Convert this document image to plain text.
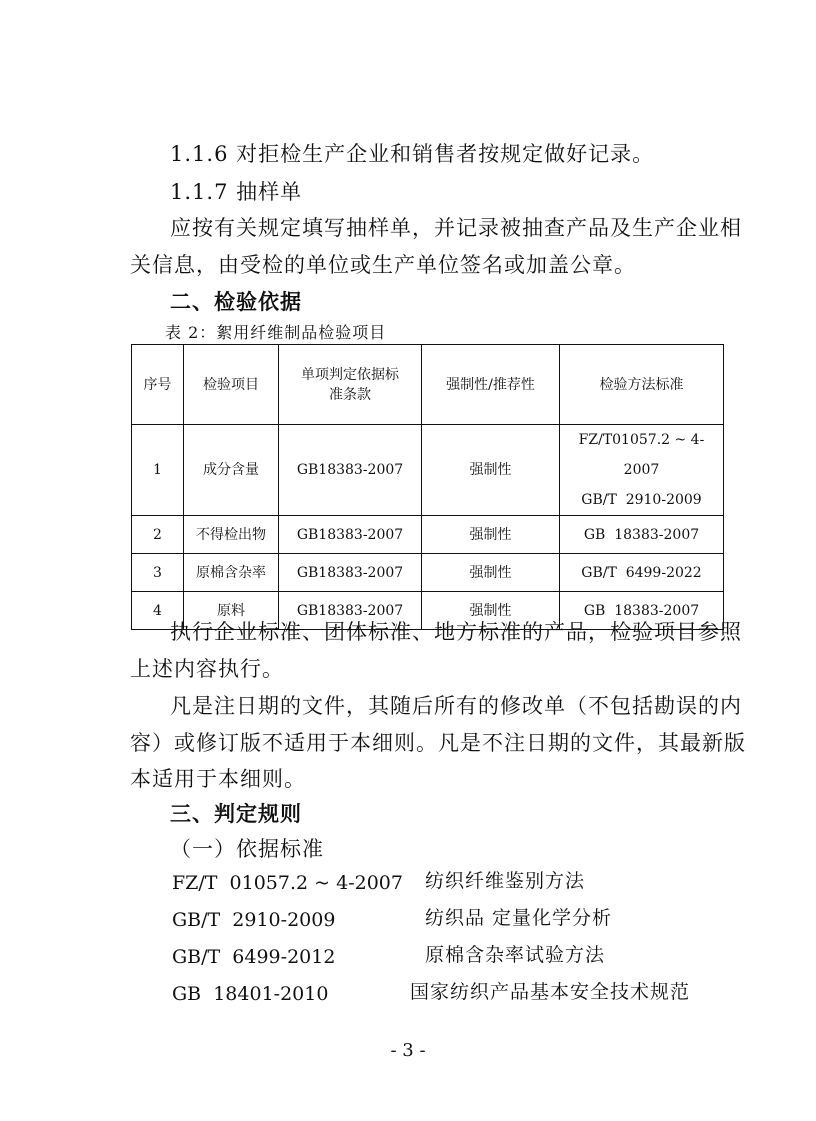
1.1.6 对拒检生产企业和销售者按规定做好记录。
1.1.7 抽样单
应按有关规定填写抽样单，并记录被抽查产品及生产企业相
关信息，由受检的单位或生产单位签名或加盖公章。
二、检验依据
表 2：絮用纤维制品检验项目
序号	检验项目	单项判定依据标准条款	强制性/推荐性	检验方法标准
1	成分含量	GB18383-2007	强制性	FZ/T01057.2 ~ 4-2007
GB/T  2910-2009

2	不得检出物	GB18383-2007	强制性	GB  18383-2007
3	原棉含杂率	GB18383-2007	强制性	GB/T  6499-2022
4	原料	GB18383-2007	强制性	GB  18383-2007
执行企业标准、团体标准、地方标准的产品，检验项目参照
上述内容执行。
凡是注日期的文件，其随后所有的修改单（不包括勘误的内
容）或修订版不适用于本细则。凡是不注日期的文件，其最新版
本适用于本细则。
三、判定规则
（一）依据标准
FZ/T  01057.2 ~ 4-2007 纺织纤维鉴别方法
GB/T  2910-2009	纺织品 定量化学分析
GB/T  6499-2012	原棉含杂率试验方法
GB  18401-2010	国家纺织产品基本安全技术规范
- 3 -
